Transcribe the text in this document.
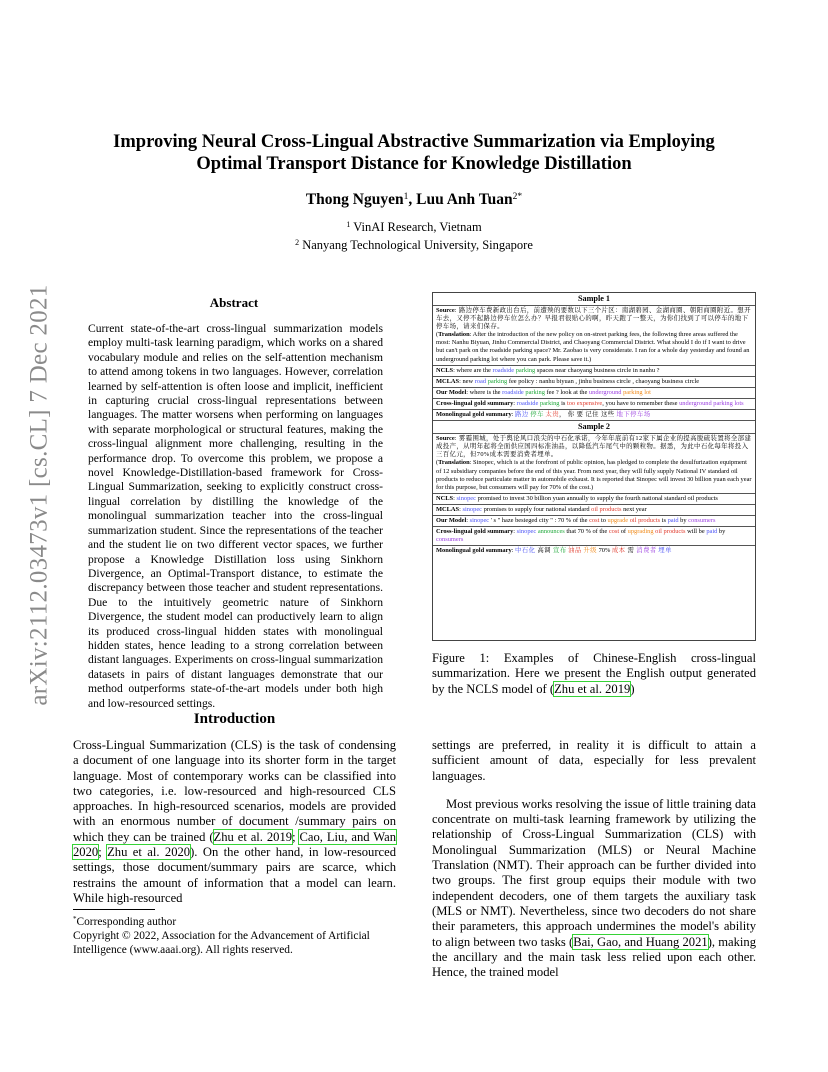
arXiv:2112.03473v1 [cs.CL] 7 Dec 2021
Improving Neural Cross-Lingual Abstractive Summarization via Employing
Optimal Transport Distance for Knowledge Distillation
Thong Nguyen$^1$, Luu Anh Tuan$^{2*}$
$^1$ VinAI Research, Vietnam
$^2$ Nanyang Technological University, Singapore
Abstract
Current state-of-the-art cross-lingual summarization models employ multi-task learning paradigm, which works on a shared vocabulary module and relies on the self-attention mechanism to attend among tokens in two languages. However, correlation learned by self-attention is often loose and implicit, inefficient in capturing crucial cross-lingual representations between languages. The matter worsens when performing on languages with separate morphological or structural features, making the cross-lingual alignment more challenging, resulting in the performance drop. To overcome this problem, we propose a novel Knowledge-Distillation-based framework for Cross-Lingual Summarization, seeking to explicitly construct cross-lingual correlation by distilling the knowledge of the monolingual summarization teacher into the cross-lingual summarization student. Since the representations of the teacher and the student lie on two different vector spaces, we further propose a Knowledge Distillation loss using Sinkhorn Divergence, an Optimal-Transport distance, to estimate the discrepancy between those teacher and student representations. Due to the intuitively geometric nature of Sinkhorn Divergence, the student model can productively learn to align its produced cross-lingual hidden states with monolingual hidden states, hence leading to a strong correlation between distant languages. Experiments on cross-lingual summarization datasets in pairs of distant languages demonstrate that our method outperforms state-of-the-art models under both high and low-resourced settings.
Introduction
Cross-Lingual Summarization (CLS) is the task of condensing a document of one language into its shorter form in the target language. Most of contemporary works can be classified into two categories, i.e. low-resourced and high-resourced CLS approaches. In high-resourced scenarios, models are provided with an enormous number of document /summary pairs on which they can be trained (Zhu et al. 2019; Cao, Liu, and Wan 2020; Zhu et al. 2020). On the other hand, in low-resourced settings, those document/summary pairs are scarce, which restrains the amount of information that a model can learn. While high-resourced
*Corresponding author
Copyright © 2022, Association for the Advancement of Artificial Intelligence (www.aaai.org). All rights reserved.
Sample 1
Source: 路边停车费新政出台后，前遭殃的要数以下三个片区：南湖碧园、金湖商圈、朝阳商圈附近。想开车去，又停不起路边停车位怎么办？早报君很贴心的啊，昨天跑了一整天，为你们找到了可以停车的地下停车场，请来们保存。
(Translation: After the introduction of the new policy on on-street parking fees, the following three areas suffered the most: Nanhu Biyuan, Jinhu Commercial District, and Chaoyang Commercial District. What should I do if I want to drive but can't park on the roadside parking space? Mr. Zaobao is very considerate. I ran for a whole day yesterday and found an underground parking lot where you can park. Please save it.)
NCLS: where are the roadside parking spaces near chaoyang business circle in nanhu ?
MCLAS: new road parking fee policy : nanhu biyuan , jinhu business circle , chaoyang business circle
Our Model: where is the roadside parking fee ? look at the underground parking lot
Cross-lingual gold summary: roadside parking is too expensive, you have to remember these underground parking lots
Monolingual gold summary: 路边 停车 太贵， 你 要 记住 这些 地下停车场
Sample 2
Source: 雾霾围城，处于舆论风口浪尖的中石化承诺，今年年底前有12家下属企业的提高脱硫装置将全部建成投产，从明年起将全面供应国四标准油品，以降低汽车尾气中的颗粒物。据悉，为此中石化每年将投入三百亿元，但70%成本需要消费者埋单。
(Translation: Sinopec, which is at the forefront of public opinion, has pledged to complete the desulfurization equipment of 12 subsidiary companies before the end of this year. From next year, they will fully supply National IV standard oil products to reduce particulate matter in automobile exhaust. It is reported that Sinopec will invest 30 billion yuan each year for this purpose, but consumers will pay for 70% of the cost.)
NCLS: sinopec promised to invest 30 billion yuan annually to supply the fourth national standard oil products
MCLAS: sinopec promises to supply four national standard oil products next year
Our Model: sinopec ' s " haze besieged city " : 70 % of the cost to upgrade oil products is paid by consumers
Cross-lingual gold summary: sinopec announces that 70 % of the cost of upgrading oil products will be paid by consumers
Monolingual gold summary: 中石化 高调 宣布 油品 升级 70% 成本 需 消费者 埋单
Figure 1: Examples of Chinese-English cross-lingual summarization. Here we present the English output generated by the NCLS model of (Zhu et al. 2019)

settings are preferred, in reality it is difficult to attain a sufficient amount of data, especially for less prevalent languages.

Most previous works resolving the issue of little training data concentrate on multi-task learning framework by utilizing the relationship of Cross-Lingual Summarization (CLS) with Monolingual Summarization (MLS) or Neural Machine Translation (NMT). Their approach can be further divided into two groups. The first group equips their module with two independent decoders, one of them targets the auxiliary task (MLS or NMT). Nevertheless, since two decoders do not share their parameters, this approach undermines the model's ability to align between two tasks (Bai, Gao, and Huang 2021), making the ancillary and the main task less relied upon each other. Hence, the trained model
